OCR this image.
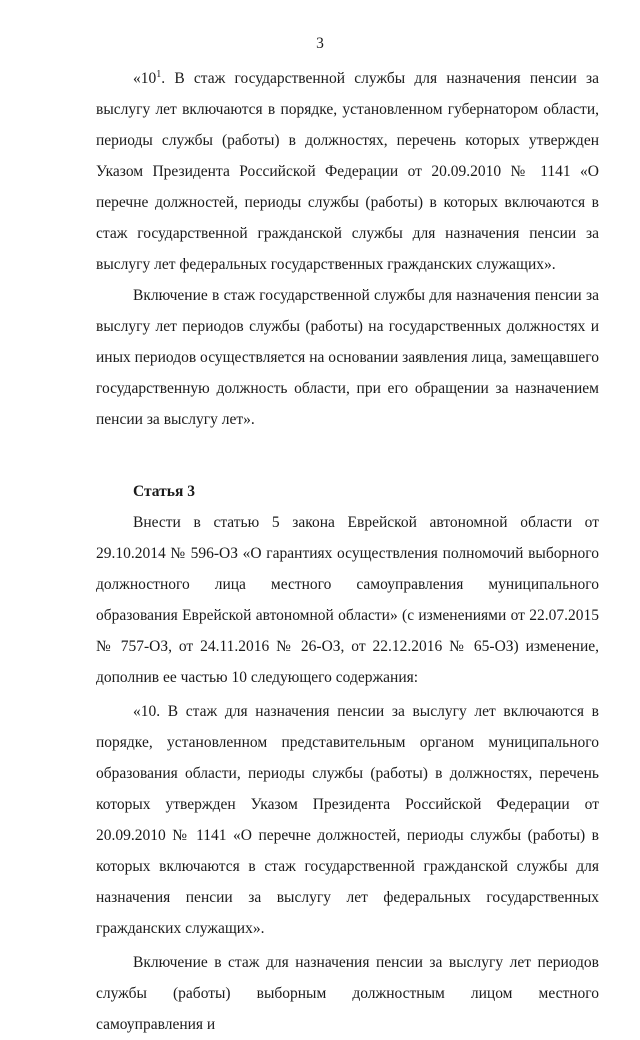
3

«$10^1$. В стаж государственной службы для назначения пенсии за выслугу лет включаются в порядке, установленном губернатором области, периоды службы (работы) в должностях, перечень которых утвержден Указом Президента Российской Федерации от 20.09.2010 № 1141 «О перечне должностей, периоды службы (работы) в которых включаются в стаж государственной гражданской службы для назначения пенсии за выслугу лет федеральных государственных гражданских служащих».

Включение в стаж государственной службы для назначения пенсии за выслугу лет периодов службы (работы) на государственных должностях и иных периодов осуществляется на основании заявления лица, замещавшего государственную должность области, при его обращении за назначением пенсии за выслугу лет».

Статья 3

Внести в статью 5 закона Еврейской автономной области от 29.10.2014 № 596-ОЗ «О гарантиях осуществления полномочий выборного должностного лица местного самоуправления муниципального образования Еврейской автономной области» (с изменениями от 22.07.2015 № 757-ОЗ, от 24.11.2016 № 26-ОЗ, от 22.12.2016 № 65-ОЗ) изменение, дополнив ее частью 10 следующего содержания:

«10. В стаж для назначения пенсии за выслугу лет включаются в порядке, установленном представительным органом муниципального образования области, периоды службы (работы) в должностях, перечень которых утвержден Указом Президента Российской Федерации от 20.09.2010 № 1141 «О перечне должностей, периоды службы (работы) в которых включаются в стаж государственной гражданской службы для назначения пенсии за выслугу лет федеральных государственных гражданских служащих».

Включение в стаж для назначения пенсии за выслугу лет периодов службы (работы) выборным должностным лицом местного самоуправления и
